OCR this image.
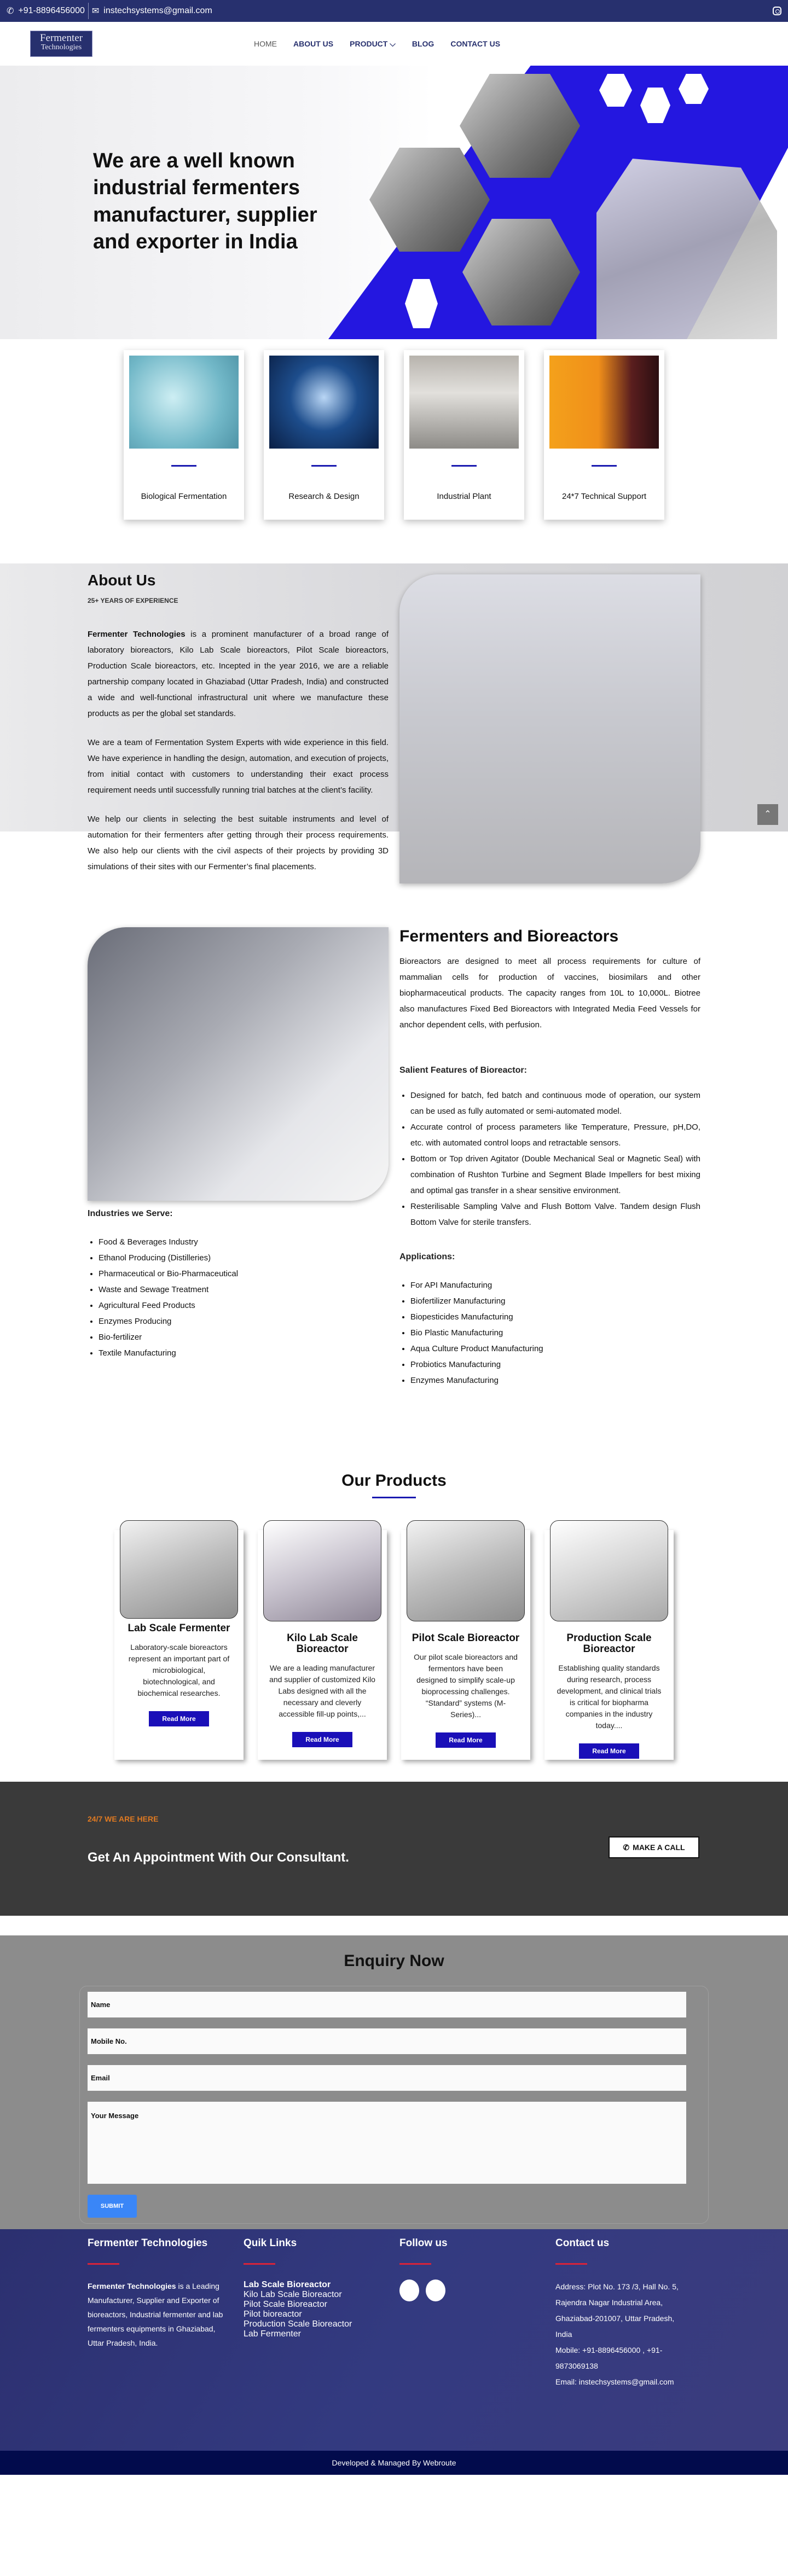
✆ +91-8896456000 ✉ instechsystems@gmail.com
Fermenter
Technologies	HOME ABOUT US PRODUCT ⌵ BLOG CONTACT US
We are a well known industrial fermenters manufacturer, supplier and exporter in India
Biological Fermentation	Research & Design	Industrial Plant	24*7 Technical Support
About Us
25+ YEARS OF EXPERIENCE

Fermenter Technologies is a prominent manufacturer of a broad range of laboratory bioreactors, Kilo Lab Scale bioreactors, Pilot Scale bioreactors, Production Scale bioreactors, etc. Incepted in the year 2016, we are a reliable partnership company located in Ghaziabad (Uttar Pradesh, India) and constructed a wide and well-functional infrastructural unit where we manufacture these products as per the global set standards.

We are a team of Fermentation System Experts with wide experience in this field. We have experience in handling the design, automation, and execution of projects, from initial contact with customers to understanding their exact process requirement needs until successfully running trial batches at the client’s facility.

We help our clients in selecting the best suitable instruments and level of automation for their fermenters after getting through their process requirements. We also help our clients with the civil aspects of their projects by providing 3D simulations of their sites with our Fermenter’s final placements.

⌃
Industries we Serve:
• Food & Beverages Industry
• Ethanol Producing (Distilleries)
• Pharmaceutical or Bio-Pharmaceutical
• Waste and Sewage Treatment
• Agricultural Feed Products
• Enzymes Producing
• Bio-fertilizer
• Textile Manufacturing
Fermenters and Bioreactors

Bioreactors are designed to meet all process requirements for culture of mammalian cells for production of vaccines, biosimilars and other biopharmaceutical products. The capacity ranges from 10L to 10,000L. Biotree also manufactures Fixed Bed Bioreactors with Integrated Media Feed Vessels for anchor dependent cells, with perfusion.

Salient Features of Bioreactor:
• Designed for batch, fed batch and continuous mode of operation, our system can be used as fully automated or semi-automated model.
• Accurate control of process parameters like Temperature, Pressure, pH,DO, etc. with automated control loops and retractable sensors.
• Bottom or Top driven Agitator (Double Mechanical Seal or Magnetic Seal) with combination of Rushton Turbine and Segment Blade Impellers for best mixing and optimal gas transfer in a shear sensitive environment.
• Resterilisable Sampling Valve and Flush Bottom Valve. Tandem design Flush Bottom Valve for sterile transfers.
Applications:
• For API Manufacturing
• Biofertilizer Manufacturing
• Biopesticides Manufacturing
• Bio Plastic Manufacturing
• Aqua Culture Product Manufacturing
• Probiotics Manufacturing
• Enzymes Manufacturing
Our Products
Lab Scale Fermenter
Laboratory-scale bioreactors represent an important part of microbiological, biotechnological, and biochemical researches.
Read More
Kilo Lab Scale Bioreactor
We are a leading manufacturer and supplier of customized Kilo Labs designed with all the necessary and cleverly accessible fill-up points,...
Read More
Pilot Scale Bioreactor
Our pilot scale bioreactors and fermentors have been designed to simplify scale-up bioprocessing challenges. “Standard” systems (M-Series)...
Read More
Production Scale Bioreactor
Establishing quality standards during research, process development, and clinical trials is critical for biopharma companies in the industry today....
Read More
24/7 WE ARE HERE
Get An Appointment With Our Consultant.
✆ MAKE A CALL
Enquiry Now
Name
Mobile No.
Email
Your Message
SUBMIT
Fermenter Technologies
Fermenter Technologies is a Leading Manufacturer, Supplier and Exporter of bioreactors, Industrial fermenter and lab fermenters equipments in Ghaziabad, Uttar Pradesh, India.
Quik Links
Lab Scale Bioreactor
Kilo Lab Scale Bioreactor
Pilot Scale Bioreactor
Pilot bioreactor
Production Scale Bioreactor
Lab Fermenter
Follow us	Contact us
Address: Plot No. 173 /3, Hall No. 5, Rajendra Nagar Industrial Area, Ghaziabad-201007, Uttar Pradesh, India
Mobile: +91-8896456000 , +91-9873069138
Email: instechsystems@gmail.com
Developed & Managed By Webroute
